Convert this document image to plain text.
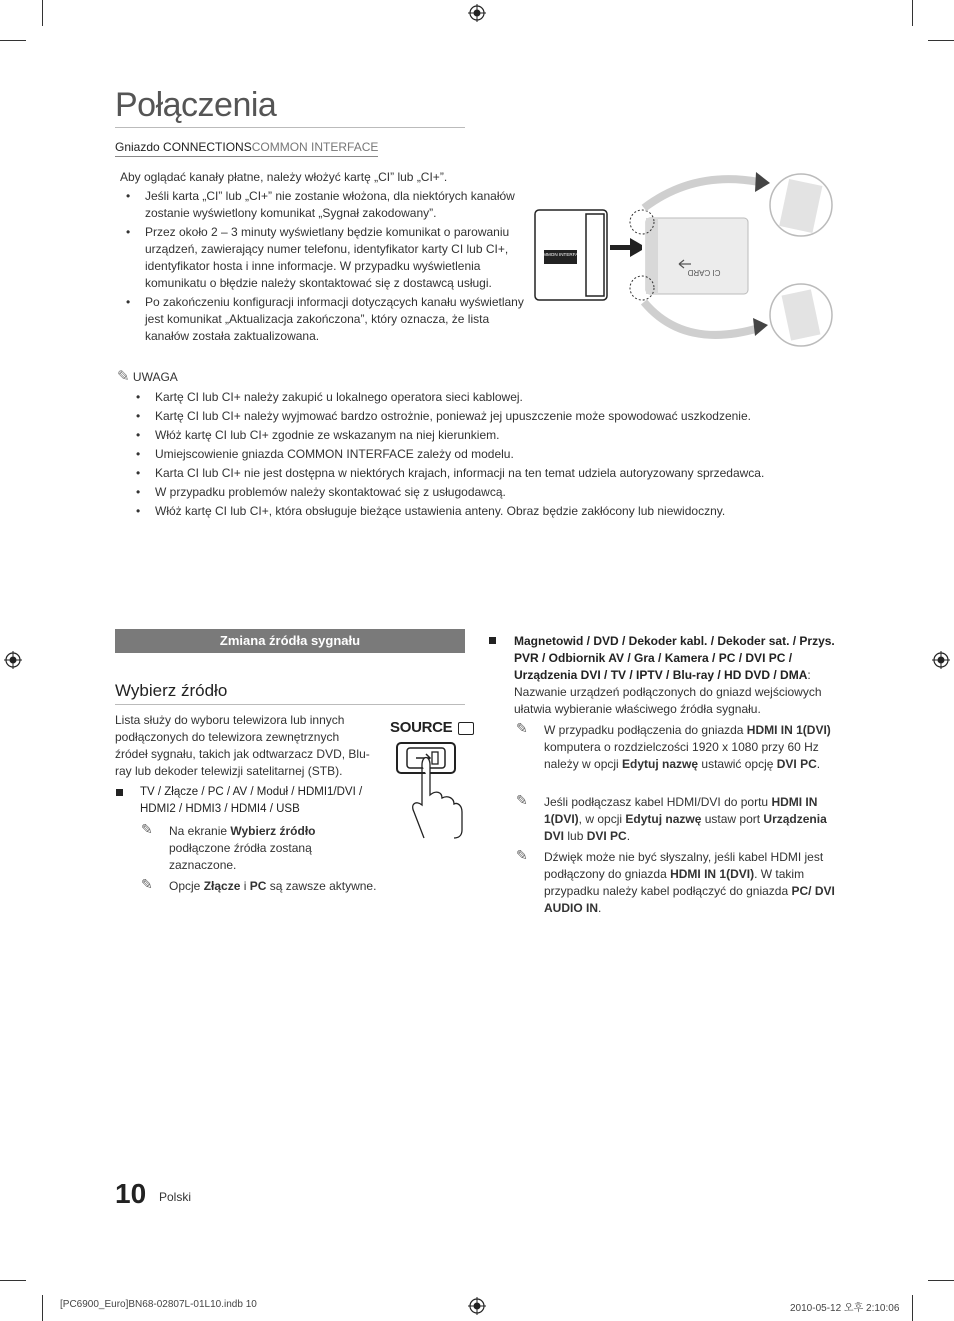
Połączenia
Gniazdo CONNECTIONSCOMMON INTERFACE
Aby oglądać kanały płatne, należy włożyć kartę „CI” lub „CI+”.
• Jeśli karta „CI” lub „CI+” nie zostanie włożona, dla niektórych kanałów zostanie wyświetlony komunikat „Sygnał zakodowany”.
• Przez około 2 – 3 minuty wyświetlany będzie komunikat o parowaniu urządzeń, zawierający numer telefonu, identyfikator karty CI lub CI+, identyfikator hosta i inne informacje. W przypadku wyświetlenia komunikatu o błędzie należy skontaktować się z dostawcą usługi.
• Po zakończeniu konfiguracji informacji dotyczących kanału wyświetlany jest komunikat „Aktualizacja zakończona”, który oznacza, że lista kanałów została zaktualizowana.
COMMON INTERFACE
CI CARD
✎ UWAGA
• Kartę CI lub CI+ należy zakupić u lokalnego operatora sieci kablowej.
• Kartę CI lub CI+ należy wyjmować bardzo ostrożnie, ponieważ jej upuszczenie może spowodować uszkodzenie.
• Włóż kartę CI lub CI+ zgodnie ze wskazanym na niej kierunkiem.
• Umiejscowienie gniazda COMMON INTERFACE zależy od modelu.
• Karta CI lub CI+ nie jest dostępna w niektórych krajach, informacji na ten temat udziela autoryzowany sprzedawca.
• W przypadku problemów należy skontaktować się z usługodawcą.
• Włóż kartę CI lub CI+, która obsługuje bieżące ustawienia anteny. Obraz będzie zakłócony lub niewidoczny.
Zmiana źródła sygnału
Wybierz źródło
Lista służy do wyboru telewizora lub innych podłączonych do telewizora zewnętrznych źródeł sygnału, takich jak odtwarzacz DVD, Blu-ray lub dekoder telewizji satelitarnej (STB).
SOURCE
TV / Złącze / PC / AV / Moduł / HDMI1/DVI / HDMI2 / HDMI3 / HDMI4 / USB
✎ Na ekranie Wybierz źródło podłączone źródła zostaną zaznaczone.
✎ Opcje Złącze i PC są zawsze aktywne.
Magnetowid / DVD / Dekoder kabl. / Dekoder sat. / Przys. PVR / Odbiornik AV / Gra / Kamera / PC / DVI PC / Urządzenia DVI / TV / IPTV / Blu-ray / HD DVD / DMA: Nazwanie urządzeń podłączonych do gniazd wejściowych ułatwia wybieranie właściwego źródła sygnału.
✎ W przypadku podłączenia do gniazda HDMI IN 1(DVI) komputera o rozdzielczości 1920 x 1080 przy 60 Hz należy w opcji Edytuj nazwę ustawić opcję DVI PC.
✎ Jeśli podłączasz kabel HDMI/DVI do portu HDMI IN 1(DVI), w opcji Edytuj nazwę ustaw port Urządzenia DVI lub DVI PC.
✎ Dźwięk może nie być słyszalny, jeśli kabel HDMI jest podłączony do gniazda HDMI IN 1(DVI). W takim przypadku należy kabel podłączyć do gniazda PC/ DVI AUDIO IN.
10 Polski
[PC6900_Euro]BN68-02807L-01L10.indb 10	2010-05-12 오후 2:10:06
